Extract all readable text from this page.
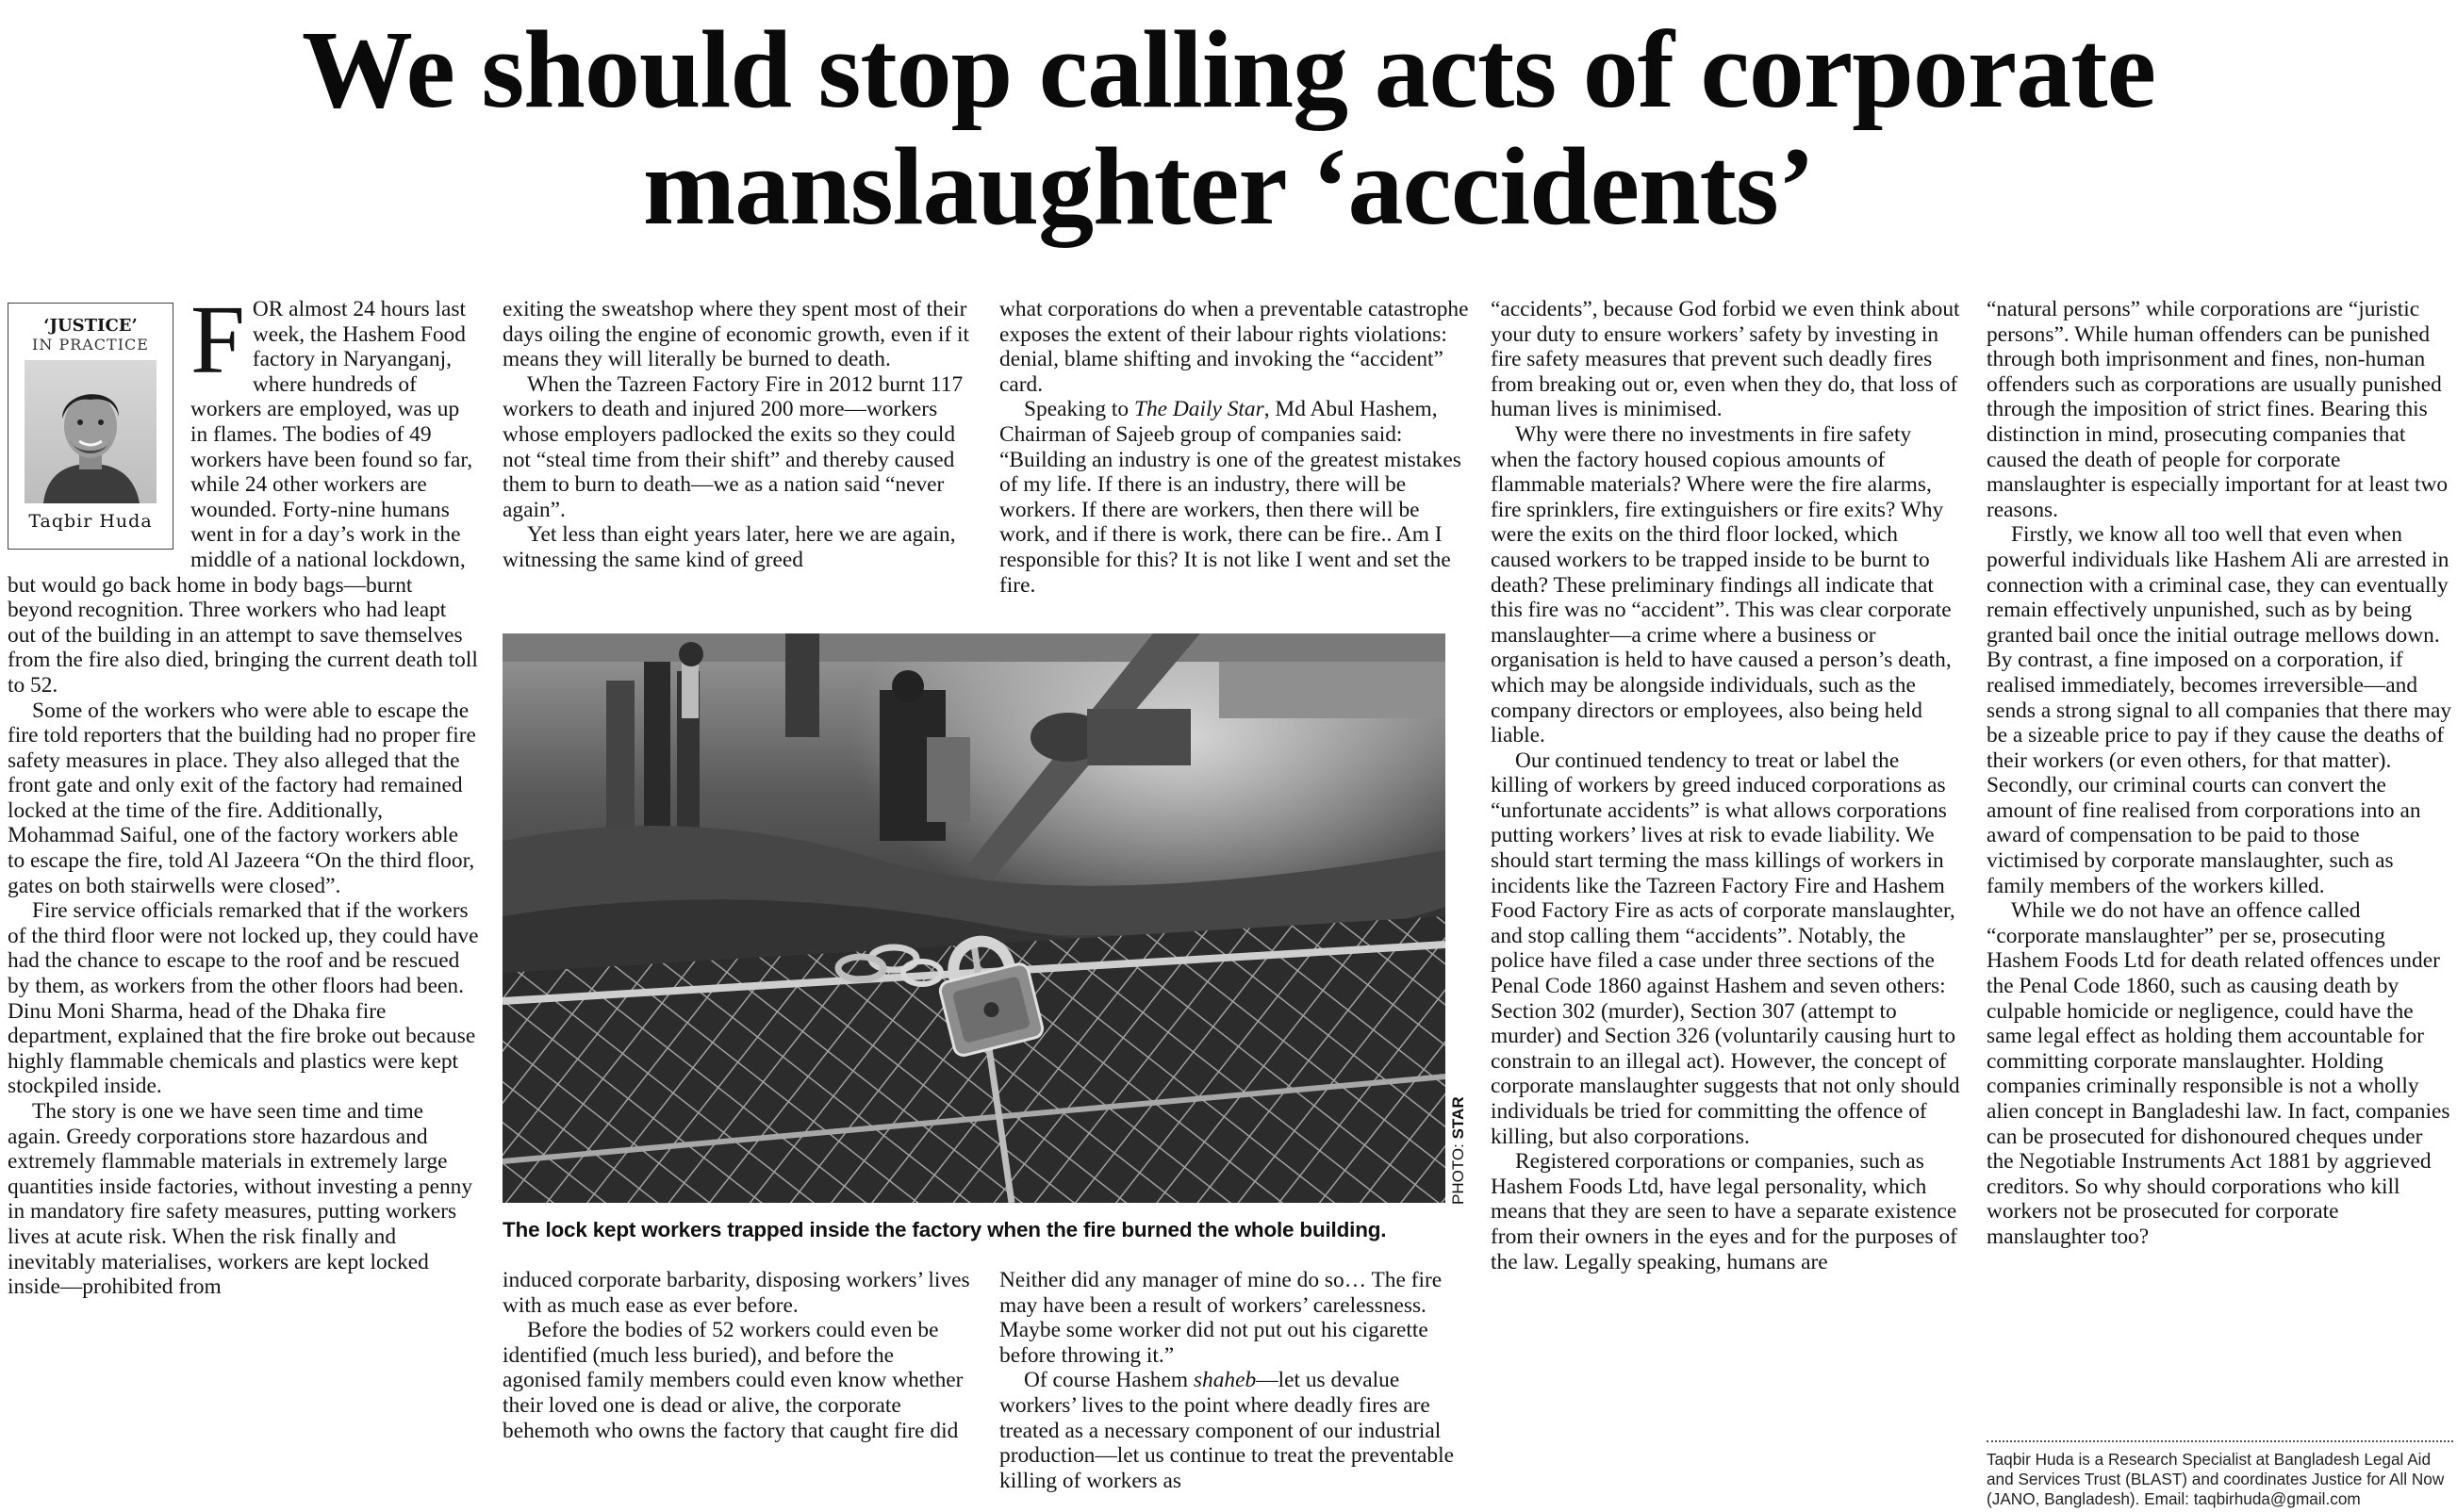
We should stop calling acts of corporate manslaughter ‘accidents’
‘JUSTICE’
IN PRACTICE
Taqbir Huda

FOR almost 24 hours last week, the Hashem Food factory in Naryanganj, where hundreds of workers are employed, was up in flames. The bodies of 49 workers have been found so far, while 24 other workers are wounded. Forty-nine humans went in for a day’s work in the middle of a national lockdown, but would go back home in body bags—burnt beyond recognition. Three workers who had leapt out of the building in an attempt to save themselves from the fire also died, bringing the current death toll to 52.

Some of the workers who were able to escape the fire told reporters that the building had no proper fire safety measures in place. They also alleged that the front gate and only exit of the factory had remained locked at the time of the fire. Additionally, Mohammad Saiful, one of the factory workers able to escape the fire, told Al Jazeera “On the third floor, gates on both stairwells were closed”.

Fire service officials remarked that if the workers of the third floor were not locked up, they could have had the chance to escape to the roof and be rescued by them, as workers from the other floors had been. Dinu Moni Sharma, head of the Dhaka fire department, explained that the fire broke out because highly flammable chemicals and plastics were kept stockpiled inside.

The story is one we have seen time and time again. Greedy corporations store hazardous and extremely flammable materials in extremely large quantities inside factories, without investing a penny in mandatory fire safety measures, putting workers lives at acute risk. When the risk finally and inevitably materialises, workers are kept locked inside—prohibited from

exiting the sweatshop where they spent most of their days oiling the engine of economic growth, even if it means they will literally be burned to death.

When the Tazreen Factory Fire in 2012 burnt 117 workers to death and injured 200 more—workers whose employers padlocked the exits so they could not “steal time from their shift” and thereby caused them to burn to death—we as a nation said “never again”.

Yet less than eight years later, here we are again, witnessing the same kind of greed

what corporations do when a preventable catastrophe exposes the extent of their labour rights violations: denial, blame shifting and invoking the “accident” card.

Speaking to The Daily Star, Md Abul Hashem, Chairman of Sajeeb group of companies said: “Building an industry is one of the greatest mistakes of my life. If there is an industry, there will be workers. If there are workers, then there will be work, and if there is work, there can be fire.. Am I responsible for this? It is not like I went and set the fire.

PHOTO: STAR
The lock kept workers trapped inside the factory when the fire burned the whole building.

induced corporate barbarity, disposing workers’ lives with as much ease as ever before.

Before the bodies of 52 workers could even be identified (much less buried), and before the agonised family members could even know whether their loved one is dead or alive, the corporate behemoth who owns the factory that caught fire did

Neither did any manager of mine do so… The fire may have been a result of workers’ carelessness. Maybe some worker did not put out his cigarette before throwing it.”

Of course Hashem shaheb—let us devalue workers’ lives to the point where deadly fires are treated as a necessary component of our industrial production—let us continue to treat the preventable killing of workers as

“accidents”, because God forbid we even think about your duty to ensure workers’ safety by investing in fire safety measures that prevent such deadly fires from breaking out or, even when they do, that loss of human lives is minimised.

Why were there no investments in fire safety when the factory housed copious amounts of flammable materials? Where were the fire alarms, fire sprinklers, fire extinguishers or fire exits? Why were the exits on the third floor locked, which caused workers to be trapped inside to be burnt to death? These preliminary findings all indicate that this fire was no “accident”. This was clear corporate manslaughter—a crime where a business or organisation is held to have caused a person’s death, which may be alongside individuals, such as the company directors or employees, also being held liable.

Our continued tendency to treat or label the killing of workers by greed induced corporations as “unfortunate accidents” is what allows corporations putting workers’ lives at risk to evade liability. We should start terming the mass killings of workers in incidents like the Tazreen Factory Fire and Hashem Food Factory Fire as acts of corporate manslaughter, and stop calling them “accidents”. Notably, the police have filed a case under three sections of the Penal Code 1860 against Hashem and seven others: Section 302 (murder), Section 307 (attempt to murder) and Section 326 (voluntarily causing hurt to constrain to an illegal act). However, the concept of corporate manslaughter suggests that not only should individuals be tried for committing the offence of killing, but also corporations.

Registered corporations or companies, such as Hashem Foods Ltd, have legal personality, which means that they are seen to have a separate existence from their owners in the eyes and for the purposes of the law. Legally speaking, humans are

“natural persons” while corporations are “juristic persons”. While human offenders can be punished through both imprisonment and fines, non-human offenders such as corporations are usually punished through the imposition of strict fines. Bearing this distinction in mind, prosecuting companies that caused the death of people for corporate manslaughter is especially important for at least two reasons.

Firstly, we know all too well that even when powerful individuals like Hashem Ali are arrested in connection with a criminal case, they can eventually remain effectively unpunished, such as by being granted bail once the initial outrage mellows down. By contrast, a fine imposed on a corporation, if realised immediately, becomes irreversible—and sends a strong signal to all companies that there may be a sizeable price to pay if they cause the deaths of their workers (or even others, for that matter). Secondly, our criminal courts can convert the amount of fine realised from corporations into an award of compensation to be paid to those victimised by corporate manslaughter, such as family members of the workers killed.

While we do not have an offence called “corporate manslaughter” per se, prosecuting Hashem Foods Ltd for death related offences under the Penal Code 1860, such as causing death by culpable homicide or negligence, could have the same legal effect as holding them accountable for committing corporate manslaughter. Holding companies criminally responsible is not a wholly alien concept in Bangladeshi law. In fact, companies can be prosecuted for dishonoured cheques under the Negotiable Instruments Act 1881 by aggrieved creditors. So why should corporations who kill workers not be prosecuted for corporate manslaughter too?

Taqbir Huda is a Research Specialist at Bangladesh Legal Aid and Services Trust (BLAST) and coordinates Justice for All Now (JANO, Bangladesh). Email: taqbirhuda@gmail.com
